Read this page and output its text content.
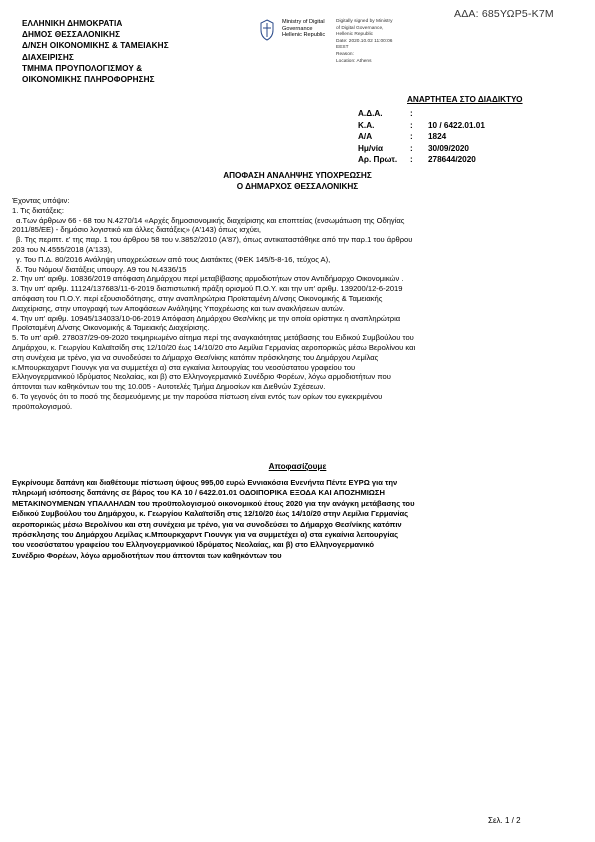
ΑΔΑ: 685ΥΩΡ5-Κ7Μ
ΕΛΛΗΝΙΚΗ ΔΗΜΟΚΡΑΤΙΑ
ΔΗΜΟΣ ΘΕΣΣΑΛΟΝΙΚΗΣ
Δ/ΝΣΗ ΟΙΚΟΝΟΜΙΚΗΣ & ΤΑΜΕΙΑΚΗΣ
ΔΙΑΧΕΙΡΙΣΗΣ
ΤΜΗΜΑ ΠΡΟΥΠΟΛΟΓΙΣΜΟΥ &
ΟΙΚΟΝΟΜΙΚΗΣ ΠΛΗΡΟΦΟΡΗΣΗΣ
Ministry of Digital
Governance
Hellenic Republic
Digitally signed by Ministry
of Digital Governance,
Hellenic Republic
Date: 2020.10.02 11:00:06
EEST
Reason:
Location: Athens
ΑΝΑΡΤΗΤΕΑ ΣΤΟ ΔΙΑΔΙΚΤΥΟ
Α.Δ.Α.	:
Κ.Α.	:	10 / 6422.01.01
Α/Α	:	1824
Ημ/νία	:	30/09/2020
Αρ. Πρωτ.	:	278644/2020
ΑΠΟΦΑΣΗ ΑΝΑΛΗΨΗΣ ΥΠΟΧΡΕΩΣΗΣ
Ο ΔΗΜΑΡΧΟΣ ΘΕΣΣΑΛΟΝΙΚΗΣ
Έχοντας υπόψιν:
1. Τις διατάξεις:
α.Των άρθρων 66 - 68 του Ν.4270/14 «Αρχές δημοσιονομικής διαχείρισης και εποπτείας (ενσωμάτωση της Οδηγίας
2011/85/ΕΕ) - δημόσιο λογιστικό και άλλες διατάξεις» (Α'143) όπως ισχύει,
β. Της περιπτ. ε' της παρ. 1 του άρθρου 58 του ν.3852/2010 (Α'87), όπως αντικαταστάθηκε από την παρ.1 του άρθρου
203 του Ν.4555/2018 (Α'133),
γ. Του Π.Δ. 80/2016 Ανάληψη υποχρεώσεων από τους Διατάκτες (ΦΕΚ 145/5-8-16, τεύχος Α),
δ. Του Νόμου/ διατάξεις υπουργ. Α9 του Ν.4336/15
2. Την υπ' αριθμ. 10836/2019 απόφαση Δημάρχου περί μεταβίβασης αρμοδιοτήτων στον Αντιδήμαρχο Οικονομικών .
3. Την υπ' αριθμ. 11124/137683/11-6-2019 διαπιστωτική πράξη ορισμού Π.Ο.Υ. και την υπ' αριθμ. 139200/12-6-2019
απόφαση του Π.Ο.Υ. περί εξουσιοδότησης, στην αναπληρώτρια Προϊσταμένη Δ/νσης Οικονομικής & Ταμειακής
Διαχείρισης, στην υπογραφή των Αποφάσεων Ανάληψης Υποχρέωσης και των ανακλήσεων αυτών.
4. Την υπ' αριθμ. 10945/134033/10-06-2019 Απόφαση Δημάρχου Θεσ/νίκης με την οποία ορίστηκε η αναπληρώτρια
Προϊσταμένη Δ/νσης Οικονομικής & Ταμειακής Διαχείρισης.
5. Το υπ' αριθ. 278037/29-09-2020 τεκμηριωμένο αίτημα περί της αναγκαιότητας μετάβασης του Ειδικού Συμβούλου του
Δημάρχου, κ. Γεωργίου Καλαϊτσίδη στις 12/10/20 έως 14/10/20 στο Αεμίλια Γερμανίας αεροπορικώς μέσω Βερολίνου και
στη συνέχεια με τρένο, για να συνοδεύσει το Δήμαρχο Θεσ/νίκης κατόπιν πρόσκλησης του Δημάρχου Λεμίλας
κ.Μπουρκαχαρντ Γιουνγκ για να συμμετέχει α) στα εγκαίνια λειτουργίας του νεοσύστατου γραφείου του
Ελληνογερμανικού Ιδρύματος Νεολαίας, και β) στο Ελληνογερμανικό Συνέδριο Φορέων, λόγω αρμοδιοτήτων που
άπτονται των καθηκόντων του της 10.005 - Αυτοτελές Τμήμα Δημοσίων και Διεθνών Σχέσεων.
6. Το γεγονός ότι το ποσό της δεσμευόμενης με την παρούσα πίστωση είναι εντός των ορίων του εγκεκριμένου
προϋπολογισμού.
Αποφασίζουμε
Εγκρίνουμε δαπάνη και διαθέτουμε πίστωση ύψους 995,00 ευρώ Εννιακόσια Ενενήντα Πέντε ΕΥΡΩ για την
πληρωμή ισόποσης δαπάνης σε βάρος του ΚΑ 10 / 6422.01.01 ΟΔΟΙΠΟΡΙΚΑ ΕΞΟΔΑ ΚΑΙ ΑΠΟΖΗΜΙΩΣΗ
ΜΕΤΑΚΙΝΟΥΜΕΝΩΝ ΥΠΑΛΛΗΛΩΝ του προϋπολογισμού οικονομικού έτους 2020 για την ανάγκη μετάβασης του
Ειδικού Συμβούλου του Δημάρχου, κ. Γεωργίου Καλαϊτσίδη στις 12/10/20 έως 14/10/20 στην Λεμίλια Γερμανίας
αεροπορικώς μέσω Βερολίνου και στη συνέχεια με τρένο, για να συνοδεύσει το Δήμαρχο Θεσ/νίκης κατόπιν
πρόσκλησης του Δημάρχου Λεμίλας κ.Μπουρκχαρντ Γιουνγκ για να συμμετέχει α) στα εγκαίνια λειτουργίας
του νεοσύστατου γραφείου του Ελληνογερμανικού Ιδρύματος Νεολαίας, και β) στο Ελληνογερμανικό
Συνέδριο Φορέων, λόγω αρμοδιοτήτων που άπτονται των καθηκόντων του
Σελ. 1 / 2
